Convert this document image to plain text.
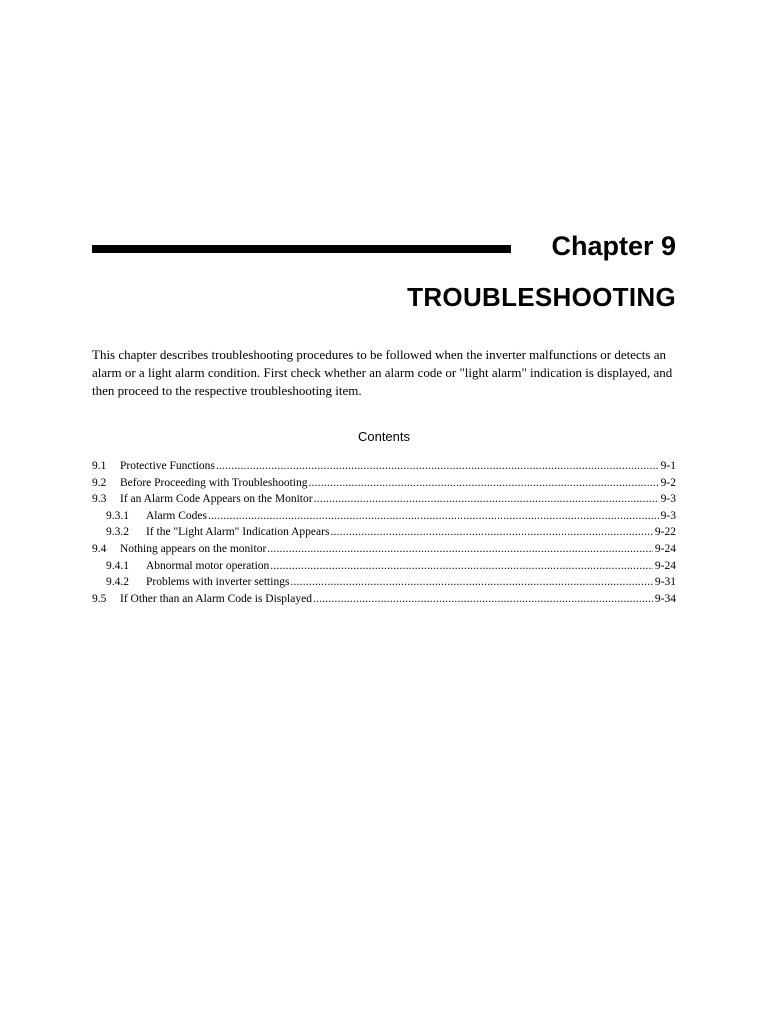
Chapter 9
TROUBLESHOOTING

This chapter describes troubleshooting procedures to be followed when the inverter malfunctions or detects an alarm or a light alarm condition. First check whether an alarm code or "light alarm" indication is displayed, and then proceed to the respective troubleshooting item.

Contents
9.1	Protective Functions .....	9-1
9.2	Before Proceeding with Troubleshooting .....	9-2
9.3	If an Alarm Code Appears on the Monitor .....	9-3
9.3.1	Alarm Codes .....	9-3
9.3.2	If the "Light Alarm" Indication Appears .....	9-22
9.4	Nothing appears on the monitor .....	9-24
9.4.1	Abnormal motor operation .....	9-24
9.4.2	Problems with inverter settings .....	9-31
9.5	If Other than an Alarm Code is Displayed .....	9-34
